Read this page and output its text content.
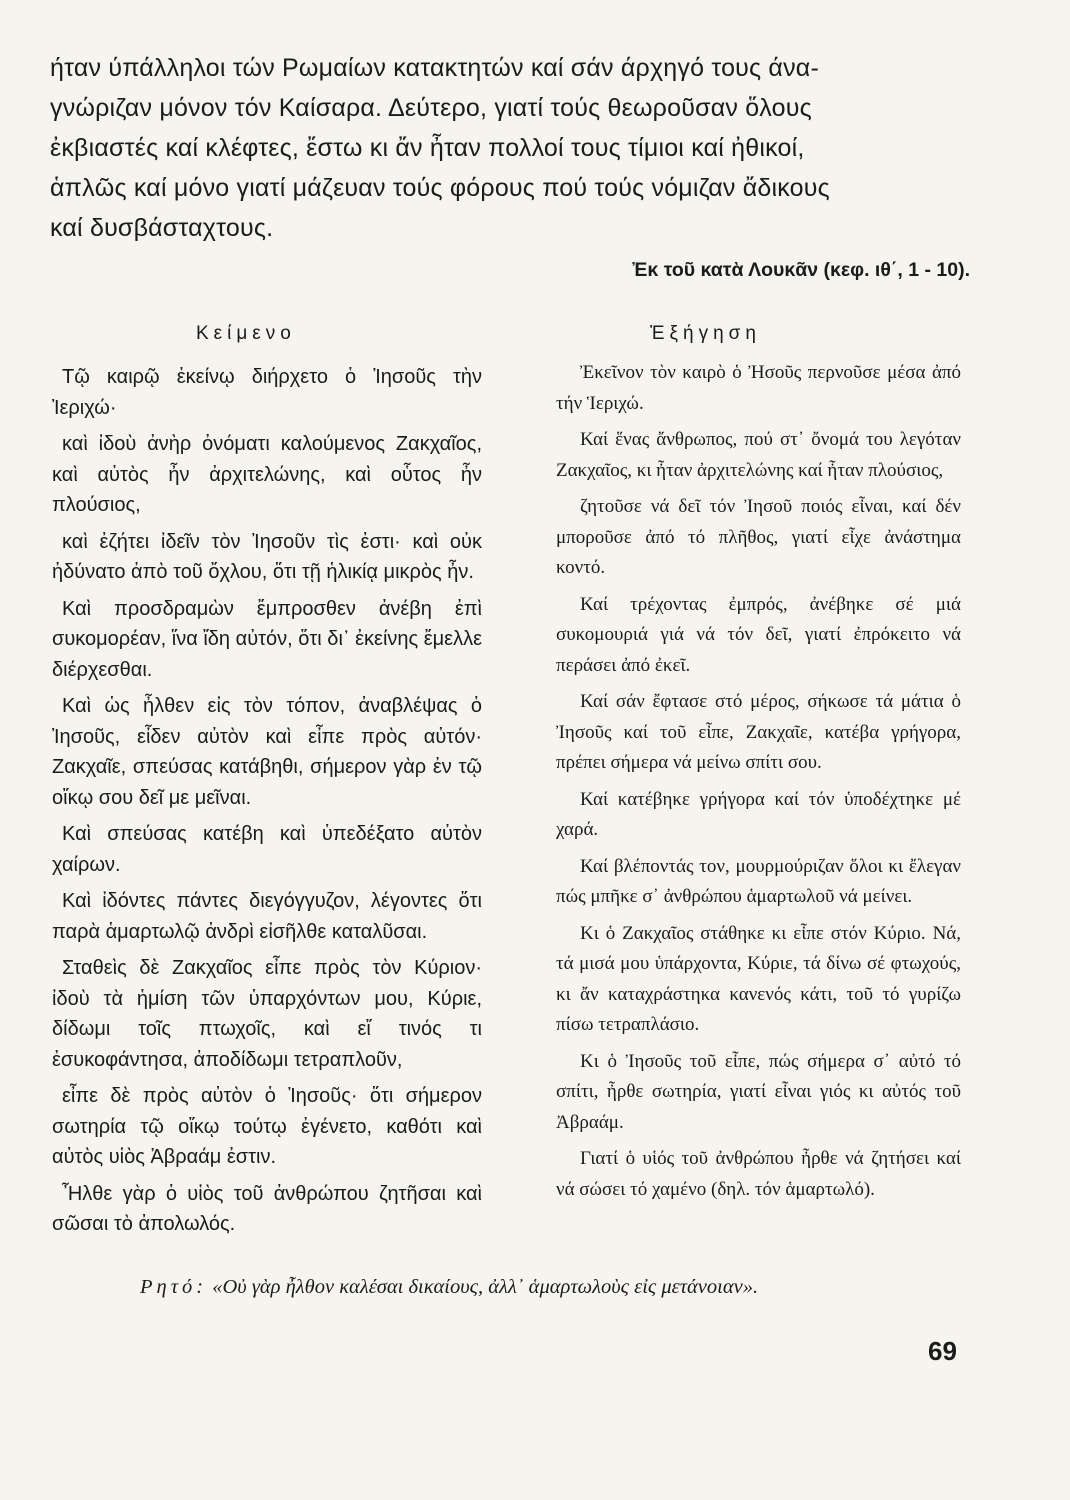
ήταν ύπάλληλοι τών Ρωμαίων κατακτητών καί σάν άρχηγό τους άνα-

γνώριζαν μόνον τόν Καίσαρα. Δεύτερο, γιατί τούς θεωροῦσαν ὅλους

ἐκβιαστές καί κλέφτες, ἔστω κι ἄν ἦταν πολλοί τους τίμιοι καί ἠθικοί,

ἁπλῶς καί μόνο γιατί μάζευαν τούς φόρους πού τούς νόμιζαν ἄδικους

καί δυσβάσταχτους.

Ἐκ τοῦ κατὰ Λουκᾶν (κεφ. ιθ΄, 1 - 10).
Κείμενο	Ἐξήγηση

Τῷ καιρῷ ἐκείνῳ διήρχετο ὁ Ἰησοῦς τὴν Ἰεριχώ·

καὶ ἰδοὺ ἀνὴρ ὀνόματι καλούμενος Ζακχαῖος, καὶ αὐτὸς ἦν ἀρχιτελώνης, καὶ οὗτος ἦν πλούσιος,

καὶ ἐζήτει ἰδεῖν τὸν Ἰησοῦν τὶς ἐστι· καὶ οὐκ ἠδύνατο ἀπὸ τοῦ ὄχλου, ὅτι τῇ ἡλικίᾳ μικρὸς ἦν.

Καὶ προσδραμὼν ἔμπροσθεν ἀνέβη ἐπὶ συκομορέαν, ἵνα ἴδη αὐτόν, ὅτι δι᾿ ἐκείνης ἔμελλε διέρχεσθαι.

Καὶ ὡς ἦλθεν εἰς τὸν τόπον, ἀναβλέψας ὁ Ἰησοῦς, εἶδεν αὐτὸν καὶ εἶπε πρὸς αὐτόν· Ζακχαῖε, σπεύσας κατάβηθι, σήμερον γὰρ ἐν τῷ οἴκῳ σου δεῖ με μεῖναι.

Καὶ σπεύσας κατέβη καὶ ὑπεδέξατο αὐτὸν χαίρων.

Καὶ ἰδόντες πάντες διεγόγγυζον, λέγοντες ὅτι παρὰ ἁμαρτωλῷ ἀνδρὶ εἰσῆλθε καταλῦσαι.

Σταθεὶς δὲ Ζακχαῖος εἶπε πρὸς τὸν Κύριον· ἰδοὺ τὰ ἡμίση τῶν ὑπαρχόντων μου, Κύριε, δίδωμι τοῖς πτωχοῖς, καὶ εἴ τινός τι ἐσυκοφάντησα, ἀποδίδωμι τετραπλοῦν,

εἶπε δὲ πρὸς αὐτὸν ὁ Ἰησοῦς· ὅτι σήμερον σωτηρία τῷ οἴκῳ τούτῳ ἐγένετο, καθότι καὶ αὐτὸς υἱὸς Ἀβραάμ ἐστιν.

Ἦλθε γὰρ ὁ υἱὸς τοῦ ἀνθρώπου ζητῆσαι καὶ σῶσαι τὸ ἀπολωλός.

Ἐκεῖνον τὸν καιρὸ ὁ Ἠσοῦς περνοῦσε μέσα ἀπό τήν Ἱεριχώ.

Καί ἕνας ἄνθρωπος, πού στ᾿ ὄνομά του λεγόταν Ζακχαῖος, κι ἦταν ἀρχιτελώνης καί ἦταν πλούσιος,

ζητοῦσε νά δεῖ τόν Ἰησοῦ ποιός εἶναι, καί δέν μποροῦσε ἀπό τό πλῆθος, γιατί εἶχε ἀνάστημα κοντό.

Καί τρέχοντας ἐμπρός, ἀνέβηκε σέ μιά συκομουριά γιά νά τόν δεῖ, γιατί ἐπρόκειτο νά περάσει ἀπό ἐκεῖ.

Καί σάν ἔφτασε στό μέρος, σήκωσε τά μάτια ὁ Ἰησοῦς καί τοῦ εἶπε, Ζακχαῖε, κατέβα γρήγορα, πρέπει σήμερα νά μείνω σπίτι σου.

Καί κατέβηκε γρήγορα καί τόν ὑποδέχτηκε μέ χαρά.

Καί βλέποντάς τον, μουρμούριζαν ὅλοι κι ἔλεγαν πώς μπῆκε σ᾿ ἀνθρώπου ἁμαρτωλοῦ νά μείνει.

Κι ὁ Ζακχαῖος στάθηκε κι εἶπε στόν Κύριο. Νά, τά μισά μου ὑπάρχοντα, Κύριε, τά δίνω σέ φτωχούς, κι ἄν καταχράστηκα κανενός κάτι, τοῦ τό γυρίζω πίσω τετραπλάσιο.

Κι ὁ Ἰησοῦς τοῦ εἶπε, πώς σήμερα σ᾿ αὐτό τό σπίτι, ἦρθε σωτηρία, γιατί εἶναι γιός κι αὐτός τοῦ Ἀβραάμ.

Γιατί ὁ υἱός τοῦ ἀνθρώπου ἦρθε νά ζητήσει καί νά σώσει τό χαμένο (δηλ. τόν ἁμαρτωλό).

Ρητό: «Οὐ γὰρ ἦλθον καλέσαι δικαίους, ἀλλ᾿ ἁμαρτωλοὺς εἰς μετάνοιαν».
69
